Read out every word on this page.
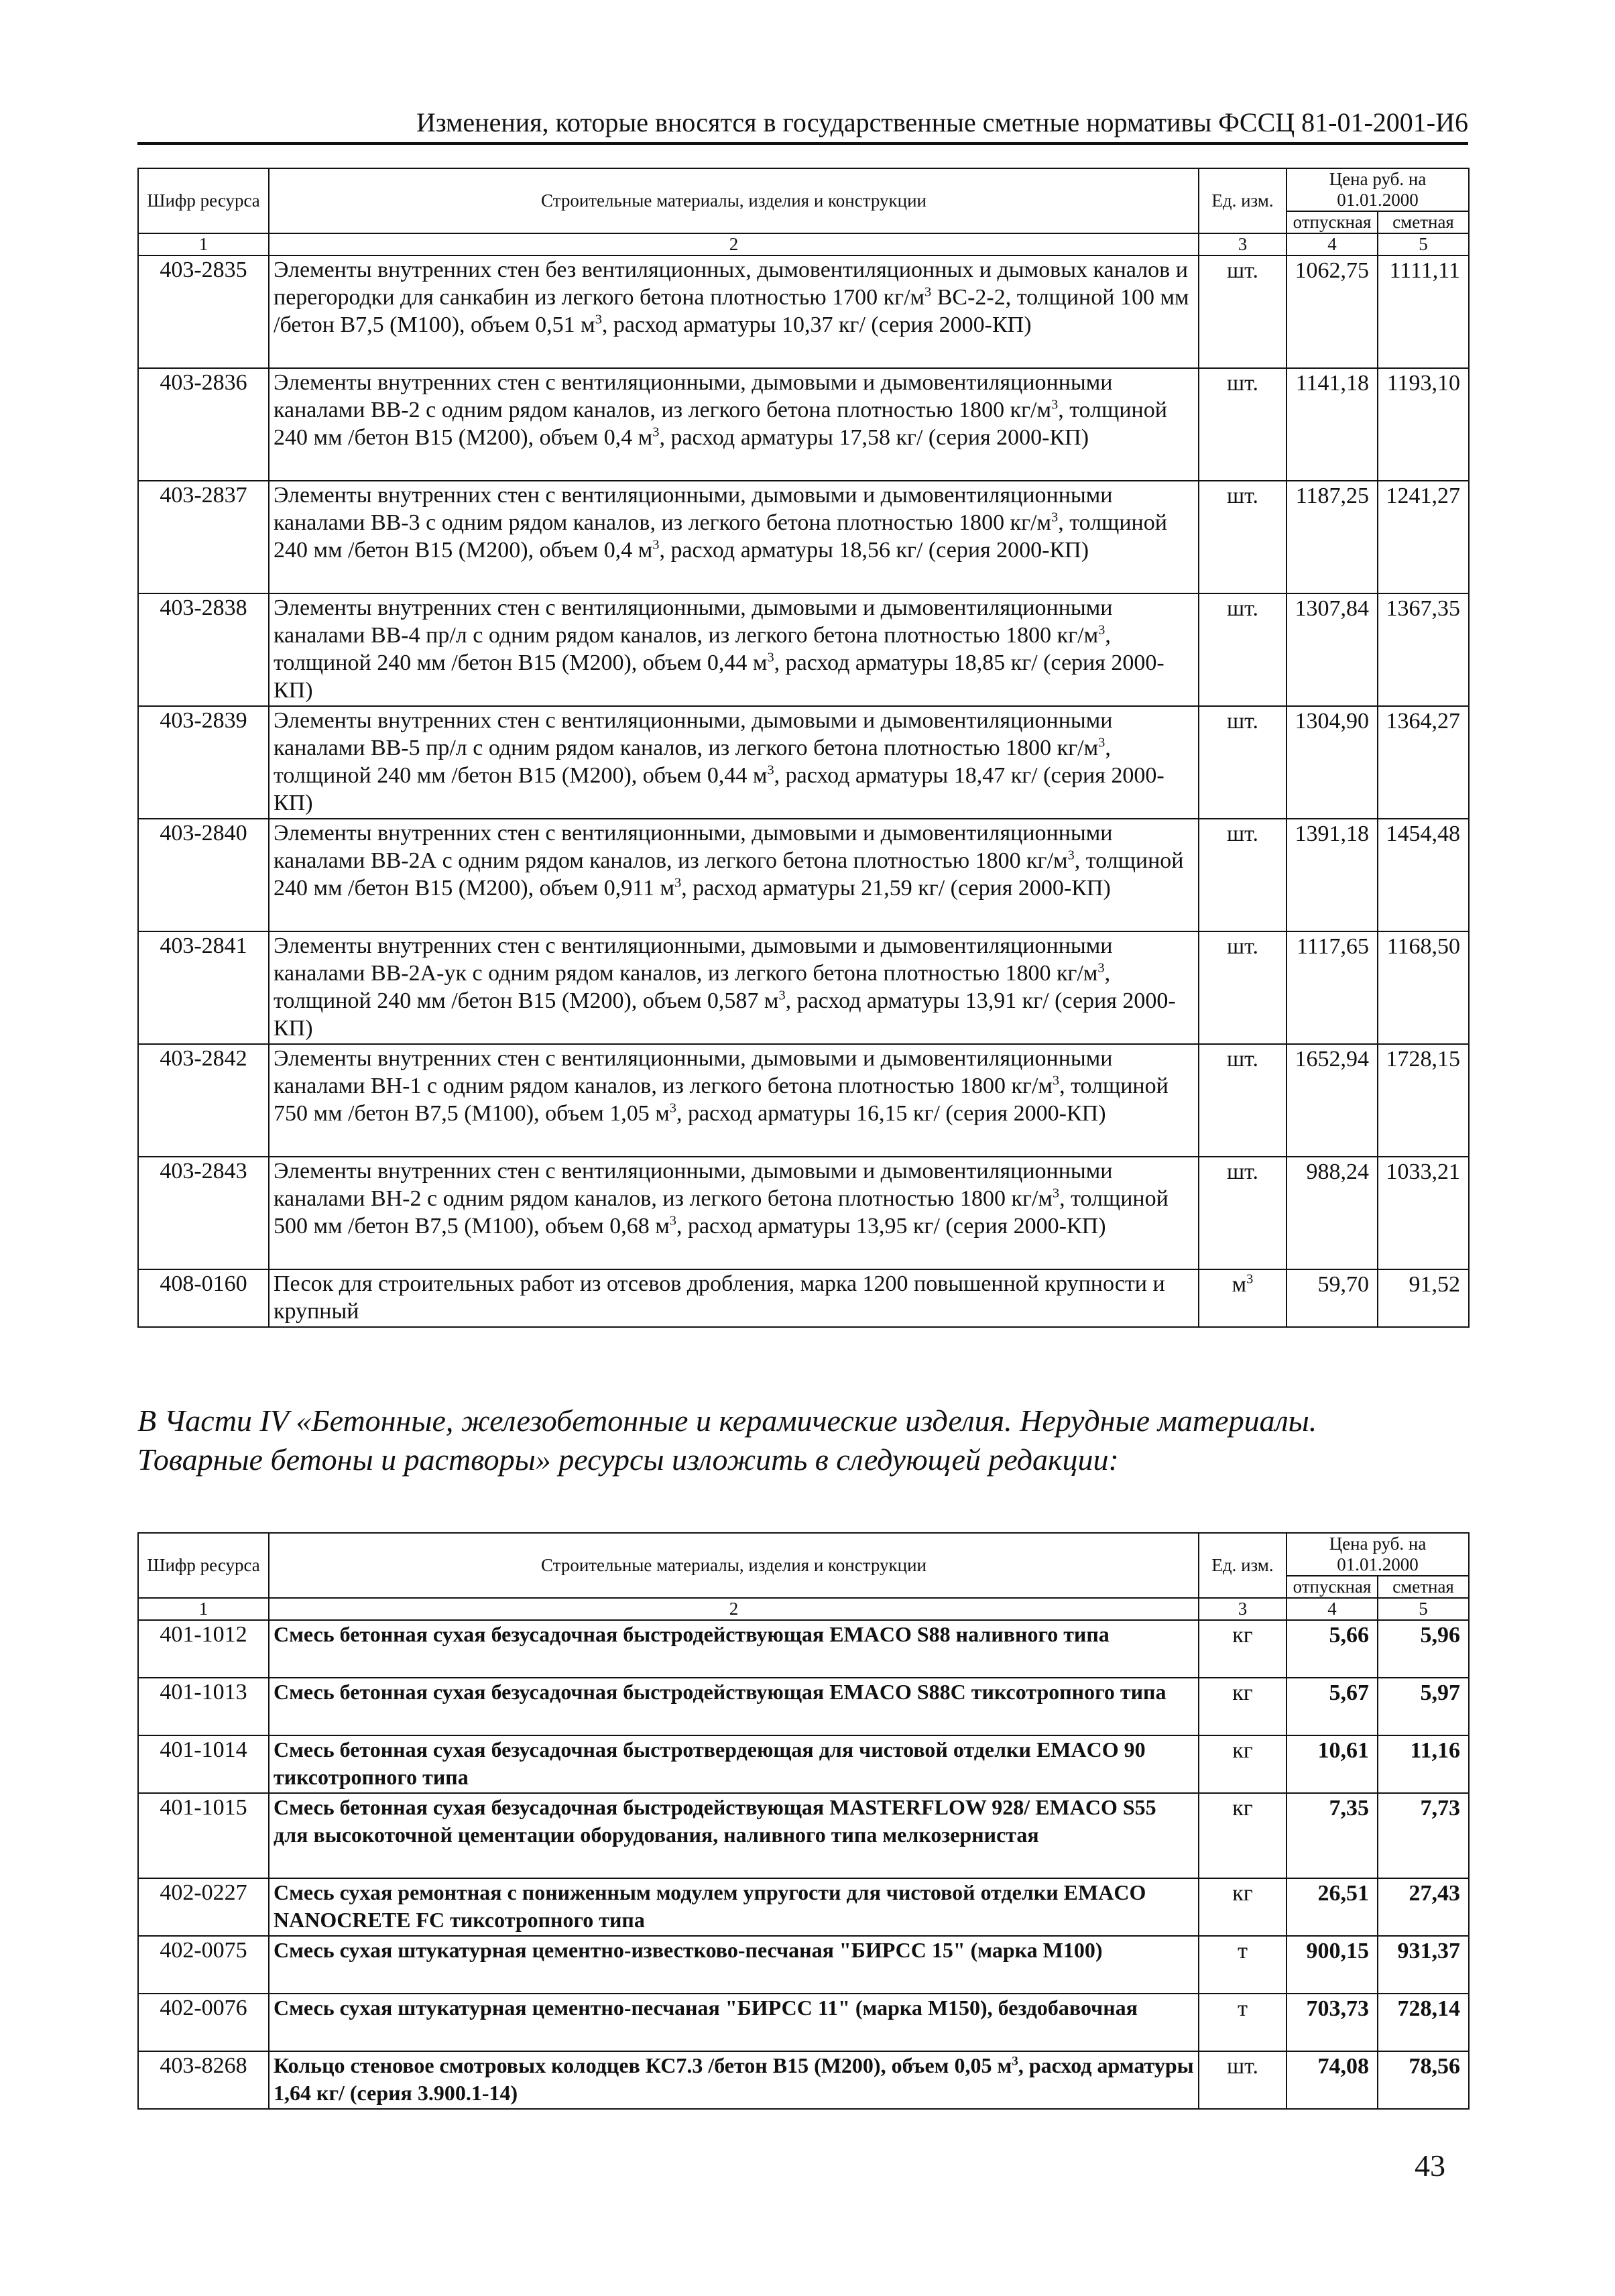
Изменения, которые вносятся в государственные сметные нормативы ФССЦ 81-01-2001-И6
Шифр ресурса	Строительные материалы, изделия и конструкции	Ед. изм.	Цена руб. на 01.01.2000	
			отпускная	сметная
1	2	3	4	5
403-2835	Элементы внутренних стен без вентиляционных, дымовентиляционных и дымовых каналов и перегородки для санкабин из легкого бетона плотностью 1700 $кг/м^3$ ВС-2-2, толщиной 100 мм /бетон В7,5 (М100), объем 0,51 $м^3$, расход арматуры 10,37 кг/ (серия 2000-КП)	шт.	1062,75	1111,11
403-2836	Элементы внутренних стен с вентиляционными, дымовыми и дымовентиляционными каналами ВВ-2 с одним рядом каналов, из легкого бетона плотностью 1800 $кг/м^3$, толщиной 240 мм /бетон В15 (М200), объем 0,4 $м^3$, расход арматуры 17,58 кг/ (серия 2000-КП)	шт.	1141,18	1193,10
403-2837	Элементы внутренних стен с вентиляционными, дымовыми и дымовентиляционными каналами ВВ-3 с одним рядом каналов, из легкого бетона плотностью 1800 $кг/м^3$, толщиной 240 мм /бетон В15 (М200), объем 0,4 $м^3$, расход арматуры 18,56 кг/ (серия 2000-КП)	шт.	1187,25	1241,27
403-2838	Элементы внутренних стен с вентиляционными, дымовыми и дымовентиляционными каналами ВВ-4 пр/л с одним рядом каналов, из легкого бетона плотностью 1800 $кг/м^3$, толщиной 240 мм /бетон В15 (М200), объем 0,44 $м^3$, расход арматуры 18,85 кг/ (серия 2000-КП)	шт.	1307,84	1367,35
403-2839	Элементы внутренних стен с вентиляционными, дымовыми и дымовентиляционными каналами ВВ-5 пр/л с одним рядом каналов, из легкого бетона плотностью 1800 $кг/м^3$, толщиной 240 мм /бетон В15 (М200), объем 0,44 $м^3$, расход арматуры 18,47 кг/ (серия 2000-КП)	шт.	1304,90	1364,27
403-2840	Элементы внутренних стен с вентиляционными, дымовыми и дымовентиляционными каналами ВВ-2А с одним рядом каналов, из легкого бетона плотностью 1800 $кг/м^3$, толщиной 240 мм /бетон В15 (М200), объем 0,911 $м^3$, расход арматуры 21,59 кг/ (серия 2000-КП)	шт.	1391,18	1454,48
403-2841	Элементы внутренних стен с вентиляционными, дымовыми и дымовентиляционными каналами ВВ-2А-ук с одним рядом каналов, из легкого бетона плотностью 1800 $кг/м^3$, толщиной 240 мм /бетон В15 (М200), объем 0,587 $м^3$, расход арматуры 13,91 кг/ (серия 2000-КП)	шт.	1117,65	1168,50
403-2842	Элементы внутренних стен с вентиляционными, дымовыми и дымовентиляционными каналами ВН-1 с одним рядом каналов, из легкого бетона плотностью 1800 $кг/м^3$, толщиной 750 мм /бетон В7,5 (М100), объем 1,05 $м^3$, расход арматуры 16,15 кг/ (серия 2000-КП)	шт.	1652,94	1728,15
403-2843	Элементы внутренних стен с вентиляционными, дымовыми и дымовентиляционными каналами ВН-2 с одним рядом каналов, из легкого бетона плотностью 1800 $кг/м^3$, толщиной 500 мм /бетон В7,5 (М100), объем 0,68 $м^3$, расход арматуры 13,95 кг/ (серия 2000-КП)	шт.	988,24	1033,21
408-0160	Песок для строительных работ из отсевов дробления, марка 1200 повышенной крупности и крупный	$м^3$	59,70	91,52
В Части IV «Бетонные, железобетонные и керамические изделия. Нерудные материалы.
Товарные бетоны и растворы» ресурсы изложить в следующей редакции:
Шифр ресурса	Строительные материалы, изделия и конструкции	Ед. изм.	Цена руб. на 01.01.2000	
			отпускная	сметная
1	2	3	4	5
401-1012	Смесь бетонная сухая безусадочная быстродействующая EMACO S88 наливного типа	кг	5,66	5,96
401-1013	Смесь бетонная сухая безусадочная быстродействующая EMACO S88C тиксотропного типа	кг	5,67	5,97
401-1014	Смесь бетонная сухая безусадочная быстротвердеющая для чистовой отделки EMACO 90 тиксотропного типа	кг	10,61	11,16
401-1015	Смесь бетонная сухая безусадочная быстродействующая MASTERFLOW 928/ EMACO S55 для высокоточной цементации оборудования, наливного типа мелкозернистая	кг	7,35	7,73
402-0227	Смесь сухая ремонтная с пониженным модулем упругости для чистовой отделки EMACO NANOCRETE FC тиксотропного типа	кг	26,51	27,43
402-0075	Смесь сухая штукатурная цементно-известково-песчаная "БИРСС 15" (марка М100)	т	900,15	931,37
402-0076	Смесь сухая штукатурная цементно-песчаная "БИРСС 11" (марка М150), бездобавочная	т	703,73	728,14
403-8268	Кольцо стеновое смотровых колодцев КС7.3 /бетон В15 (М200), объем 0,05 $м^3$, расход арматуры 1,64 кг/ (серия 3.900.1-14)	шт.	74,08	78,56
43
